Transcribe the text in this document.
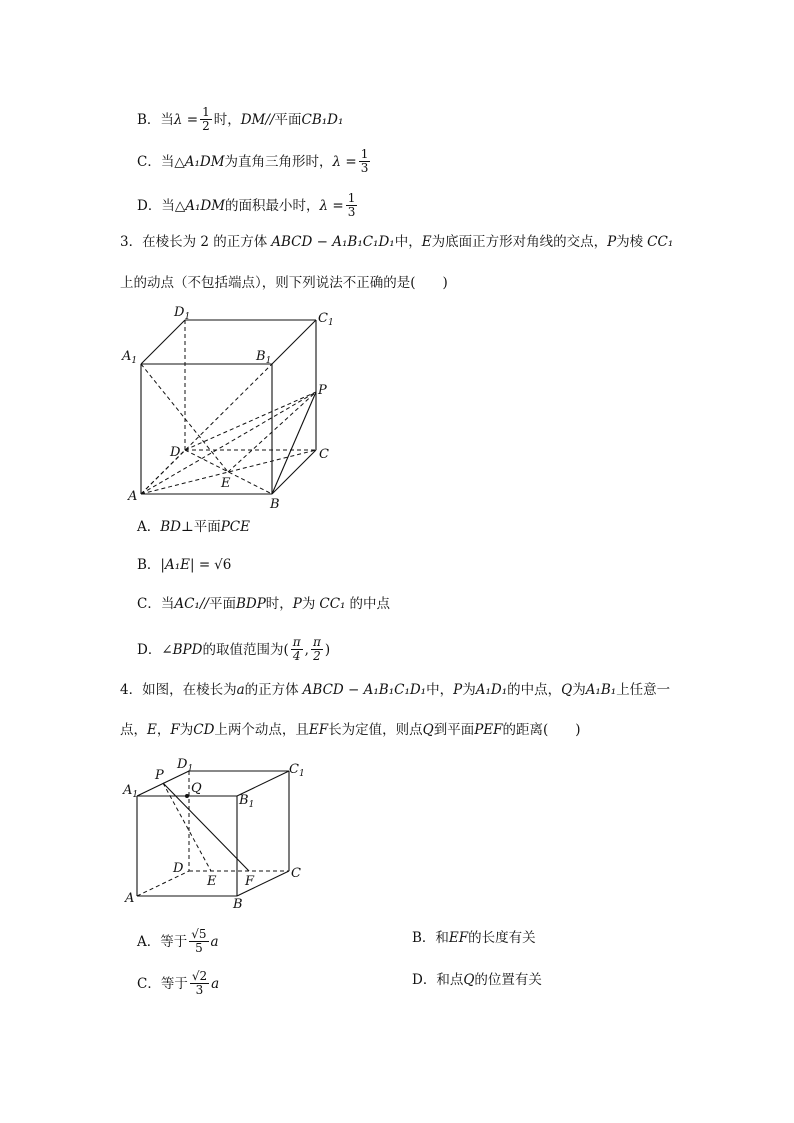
B．当 $\lambda = \frac{1}{2}$ 时， DM // 平面 CB₁D₁
C．当△ A₁DM 为直角三角形时， $\lambda = \frac{1}{3}$
D．当△ A₁DM 的面积最小时， $\lambda = \frac{1}{3}$
3．在棱长为 2 的正方体 ABCD − A₁B₁C₁D₁ 中， E 为底面正方形对角线的交点， P 为棱 CC₁
上的动点（不包括端点），则下列说法不正确的是(　　)
$D_1$	$C_1$
$A_1$	$B_1$
P
D	C
E
A
B
A． BD ⊥平面 PCE
B． |A₁E| = √6
C．当 AC₁ // 平面 BDP 时， P 为 CC₁ 的中点
D．∠ BPD 的取值范围为( $\frac{\pi}{4}$ , $\frac{\pi}{2}$ )
4．如图，在棱长为 a 的正方体 ABCD − A₁B₁C₁D₁ 中， P 为 A₁D₁ 的中点， Q 为 A₁B₁ 上任意一
点， E ， F 为 CD 上两个动点，且 EF 长为定值，则点 Q 到平面 PEF 的距离(　　)
P
$D_1$
Q
$C_1$
$A_1$	$B_1$
D
E F
C
A	B
A．等于 $\frac{√5}{5}$ a	B．和 EF 的长度有关
C．等于 $\frac{√2}{3}$ a	D．和点 Q 的位置有关
